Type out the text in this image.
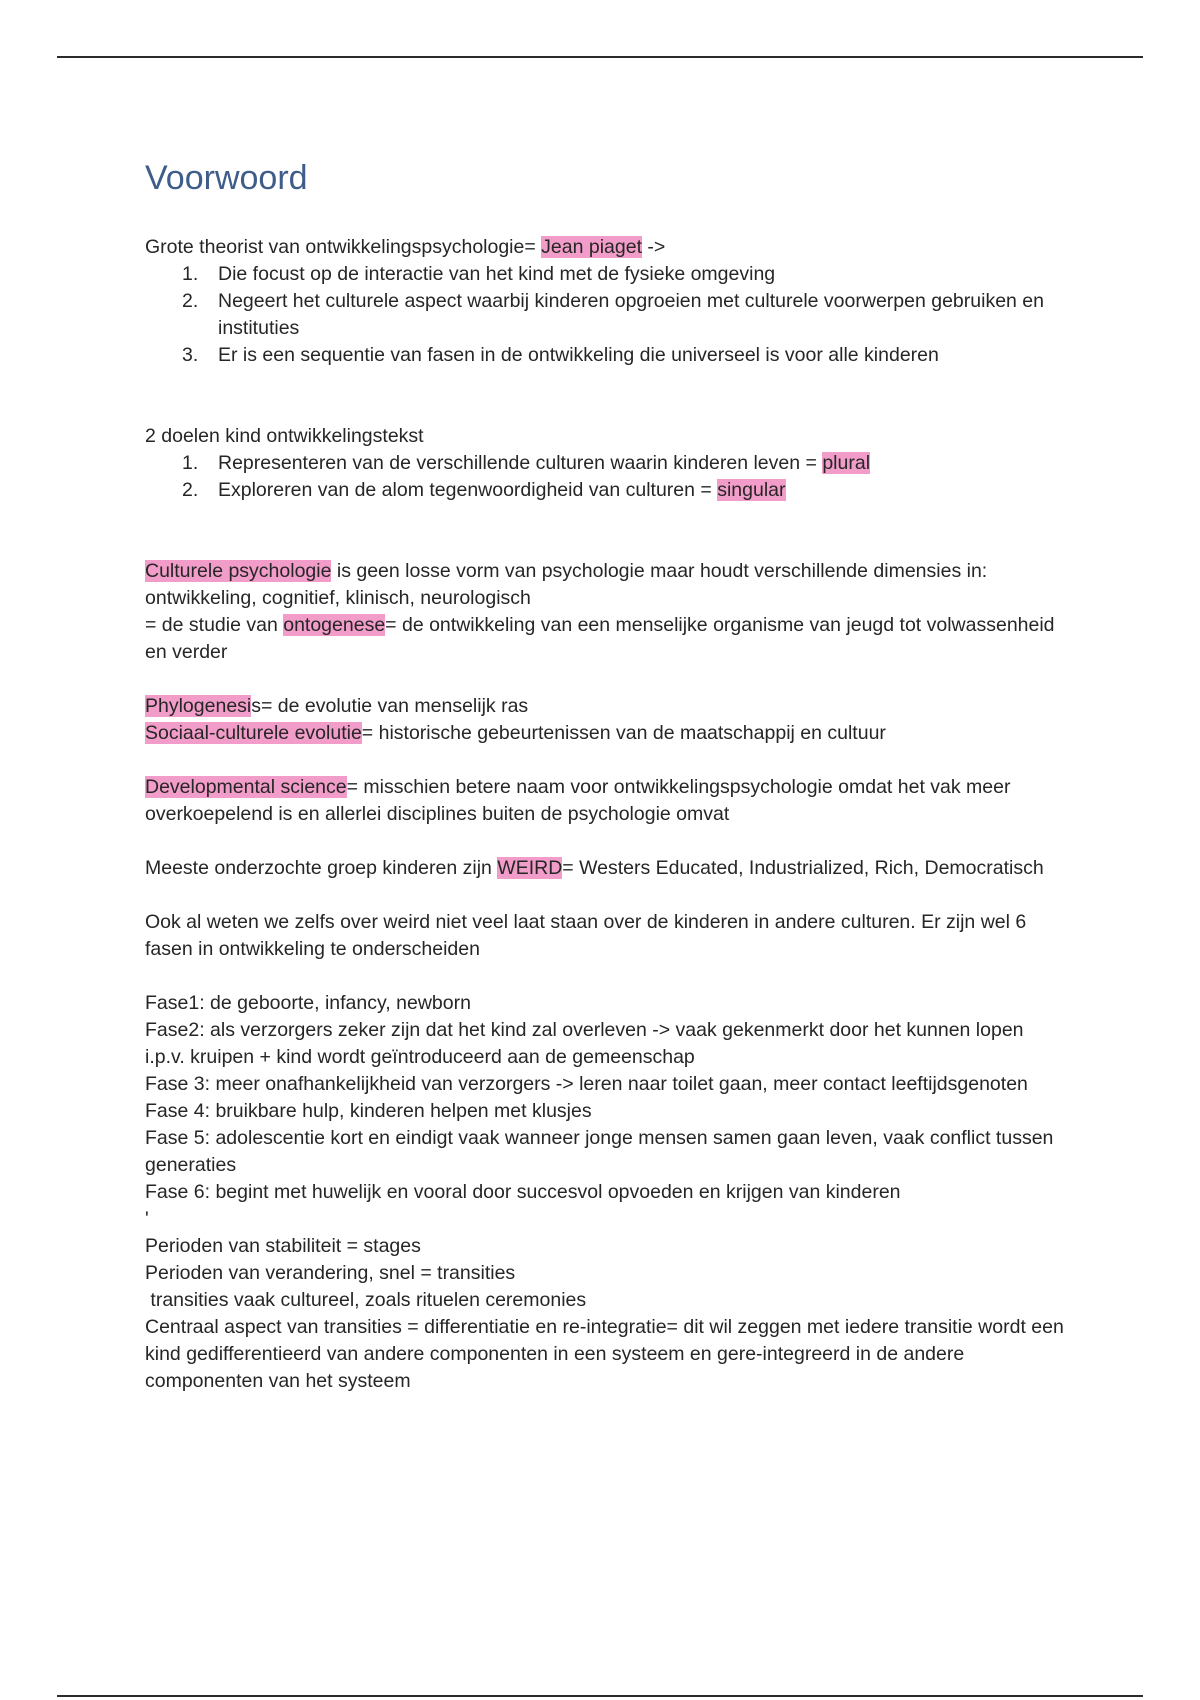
Voorwoord

Grote theorist van ontwikkelingspsychologie= Jean piaget ->

1. Die focust op de interactie van het kind met de fysieke omgeving
2. Negeert het culturele aspect waarbij kinderen opgroeien met culturele voorwerpen gebruiken en instituties
3. Er is een sequentie van fasen in de ontwikkeling die universeel is voor alle kinderen

2 doelen kind ontwikkelingstekst

1. Representeren van de verschillende culturen waarin kinderen leven = plural
2. Exploreren van de alom tegenwoordigheid van culturen = singular

Culturele psychologie is geen losse vorm van psychologie maar houdt verschillende dimensies in: ontwikkeling, cognitief, klinisch, neurologisch

= de studie van ontogenese= de ontwikkeling van een menselijke organisme van jeugd tot volwassenheid en verder

Phylogenesis= de evolutie van menselijk ras

Sociaal-culturele evolutie= historische gebeurtenissen van de maatschappij en cultuur

Developmental science= misschien betere naam voor ontwikkelingspsychologie omdat het vak meer overkoepelend is en allerlei disciplines buiten de psychologie omvat

Meeste onderzochte groep kinderen zijn WEIRD= Westers Educated, Industrialized, Rich, Democratisch

Ook al weten we zelfs over weird niet veel laat staan over de kinderen in andere culturen. Er zijn wel 6 fasen in ontwikkeling te onderscheiden

Fase1: de geboorte, infancy, newborn

Fase2: als verzorgers zeker zijn dat het kind zal overleven -> vaak gekenmerkt door het kunnen lopen i.p.v. kruipen + kind wordt geïntroduceerd aan de gemeenschap

Fase 3: meer onafhankelijkheid van verzorgers -> leren naar toilet gaan, meer contact leeftijdsgenoten

Fase 4: bruikbare hulp, kinderen helpen met klusjes

Fase 5: adolescentie kort en eindigt vaak wanneer jonge mensen samen gaan leven, vaak conflict tussen generaties

Fase 6: begint met huwelijk en vooral door succesvol opvoeden en krijgen van kinderen

'

Perioden van stabiliteit = stages

Perioden van verandering, snel = transities

transities vaak cultureel, zoals rituelen ceremonies

Centraal aspect van transities = differentiatie en re-integratie= dit wil zeggen met iedere transitie wordt een kind gedifferentieerd van andere componenten in een systeem en gere-integreerd in de andere componenten van het systeem
